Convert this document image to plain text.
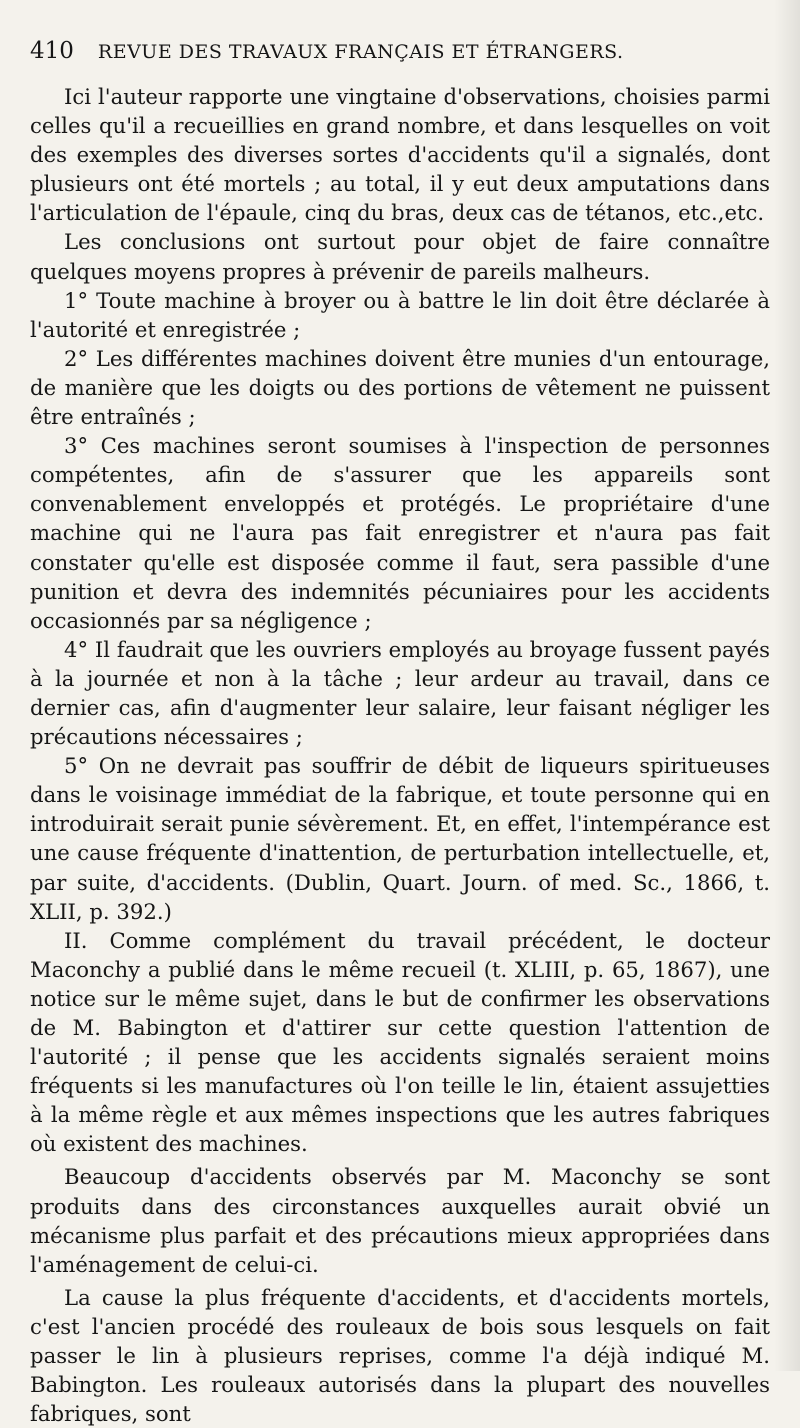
410 REVUE DES TRAVAUX FRANÇAIS ET ÉTRANGERS.

Ici l'auteur rapporte une vingtaine d'observations, choisies parmi celles qu'il a recueillies en grand nombre, et dans lesquelles on voit des exemples des diverses sortes d'accidents qu'il a signalés, dont plusieurs ont été mortels ; au total, il y eut deux amputations dans l'articulation de l'épaule, cinq du bras, deux cas de tétanos, etc.,etc.

Les conclusions ont surtout pour objet de faire connaître quelques moyens propres à prévenir de pareils malheurs.

1° Toute machine à broyer ou à battre le lin doit être déclarée à l'autorité et enregistrée ;

2° Les différentes machines doivent être munies d'un entourage, de manière que les doigts ou des portions de vêtement ne puissent être entraînés ;

3° Ces machines seront soumises à l'inspection de personnes compétentes, afin de s'assurer que les appareils sont convenablement enveloppés et protégés. Le propriétaire d'une machine qui ne l'aura pas fait enregistrer et n'aura pas fait constater qu'elle est disposée comme il faut, sera passible d'une punition et devra des indemnités pécuniaires pour les accidents occasionnés par sa négligence ;

4° Il faudrait que les ouvriers employés au broyage fussent payés à la journée et non à la tâche ; leur ardeur au travail, dans ce dernier cas, afin d'augmenter leur salaire, leur faisant négliger les précautions nécessaires ;

5° On ne devrait pas souffrir de débit de liqueurs spiritueuses dans le voisinage immédiat de la fabrique, et toute personne qui en introduirait serait punie sévèrement. Et, en effet, l'intempérance est une cause fréquente d'inattention, de perturbation intellectuelle, et, par suite, d'accidents. (Dublin, Quart. Journ. of med. Sc., 1866, t. XLII, p. 392.)

II. Comme complément du travail précédent, le docteur Maconchy a publié dans le même recueil (t. XLIII, p. 65, 1867), une notice sur le même sujet, dans le but de confirmer les observations de M. Babington et d'attirer sur cette question l'attention de l'autorité ; il pense que les accidents signalés seraient moins fréquents si les manufactures où l'on teille le lin, étaient assujetties à la même règle et aux mêmes inspections que les autres fabriques où existent des machines.

Beaucoup d'accidents observés par M. Maconchy se sont produits dans des circonstances auxquelles aurait obvié un mécanisme plus parfait et des précautions mieux appropriées dans l'aménagement de celui-ci.

La cause la plus fréquente d'accidents, et d'accidents mortels, c'est l'ancien procédé des rouleaux de bois sous lesquels on fait passer le lin à plusieurs reprises, comme l'a déjà indiqué M. Babington. Les rouleaux autorisés dans la plupart des nouvelles fabriques, sont
